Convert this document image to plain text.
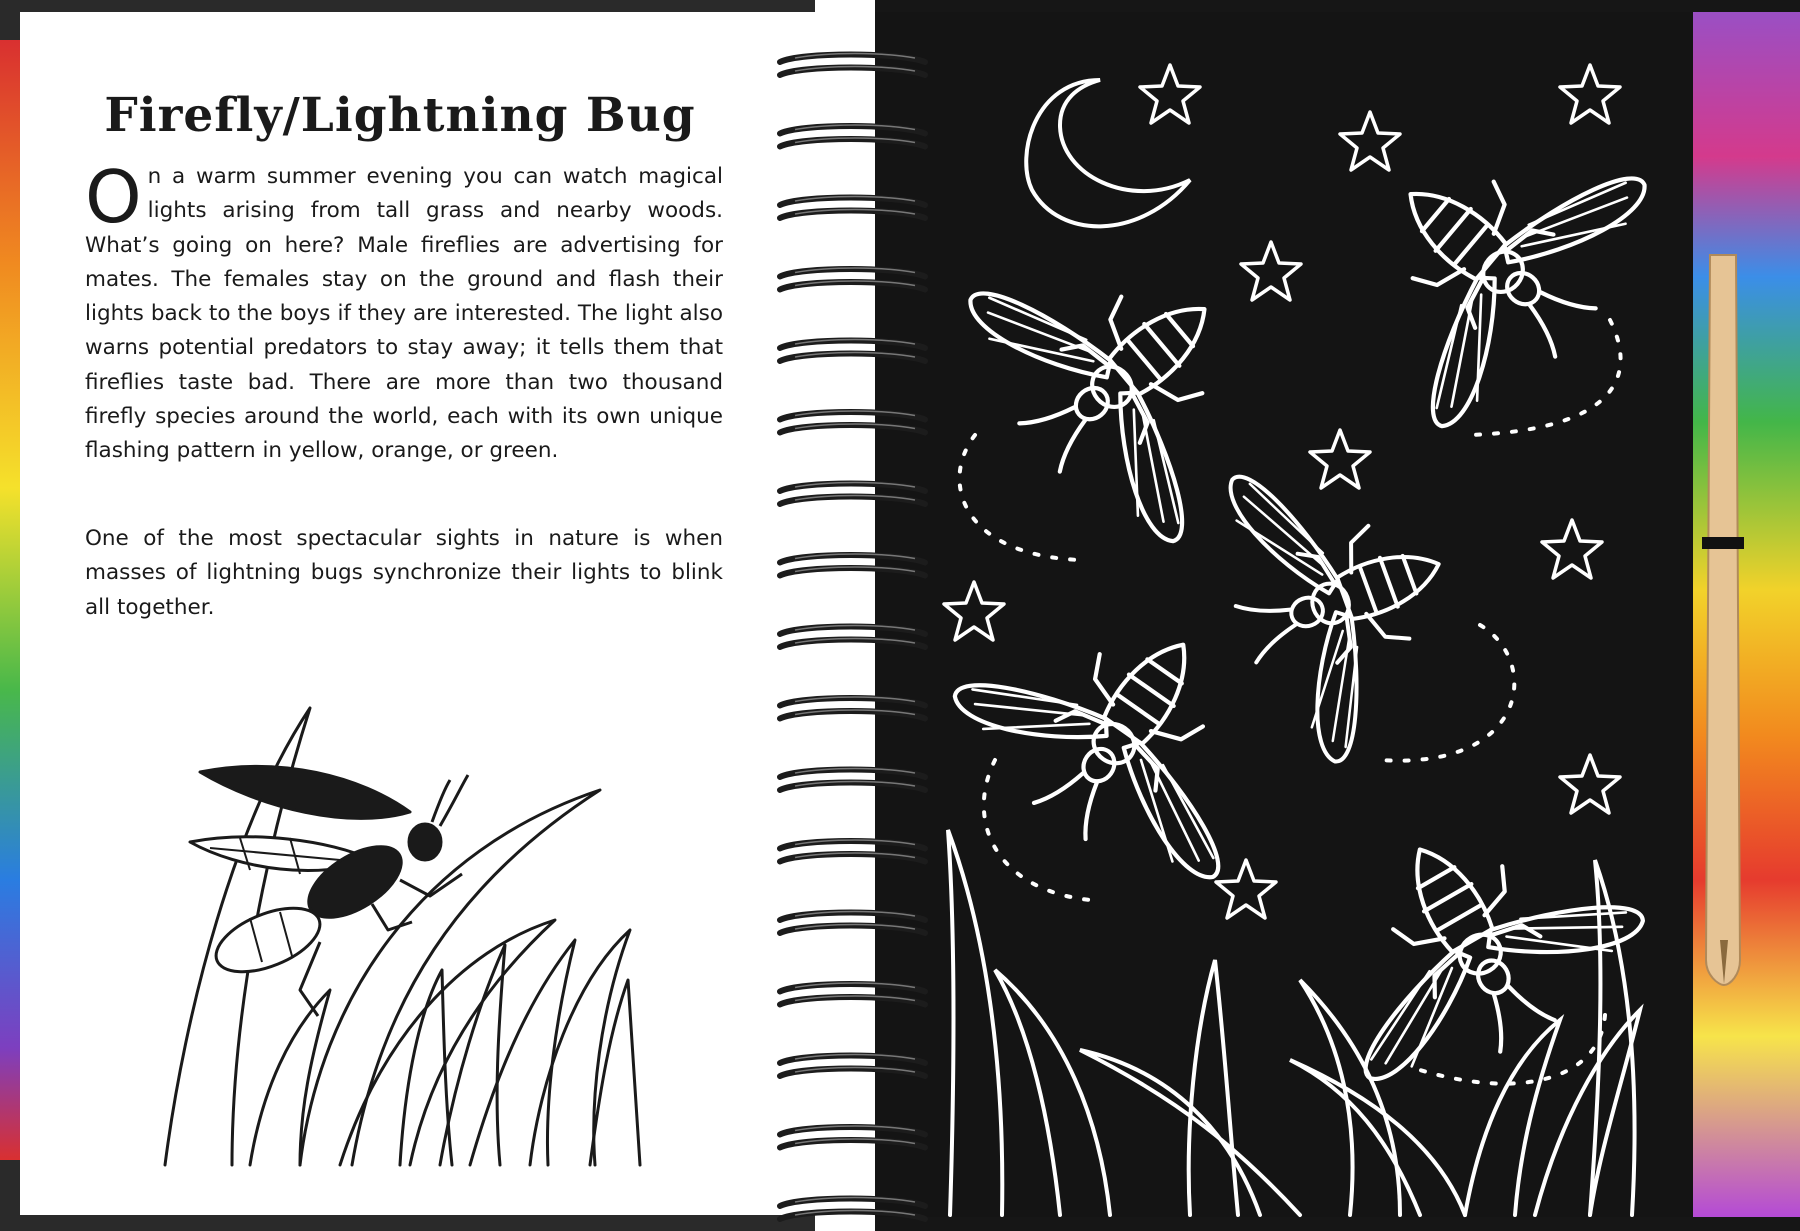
Firefly/Lightning Bug

On a warm summer evening you can watch magical lights arising from tall grass and nearby woods. What’s going on here? Male fireflies are advertising for mates. The females stay on the ground and flash their lights back to the boys if they are interested. The light also warns potential predators to stay away; it tells them that fireflies taste bad. There are more than two thousand firefly species around the world, each with its own unique flashing pattern in yellow, orange, or green.

One of the most spectacular sights in nature is when masses of lightning bugs synchronize their lights to blink all together.
